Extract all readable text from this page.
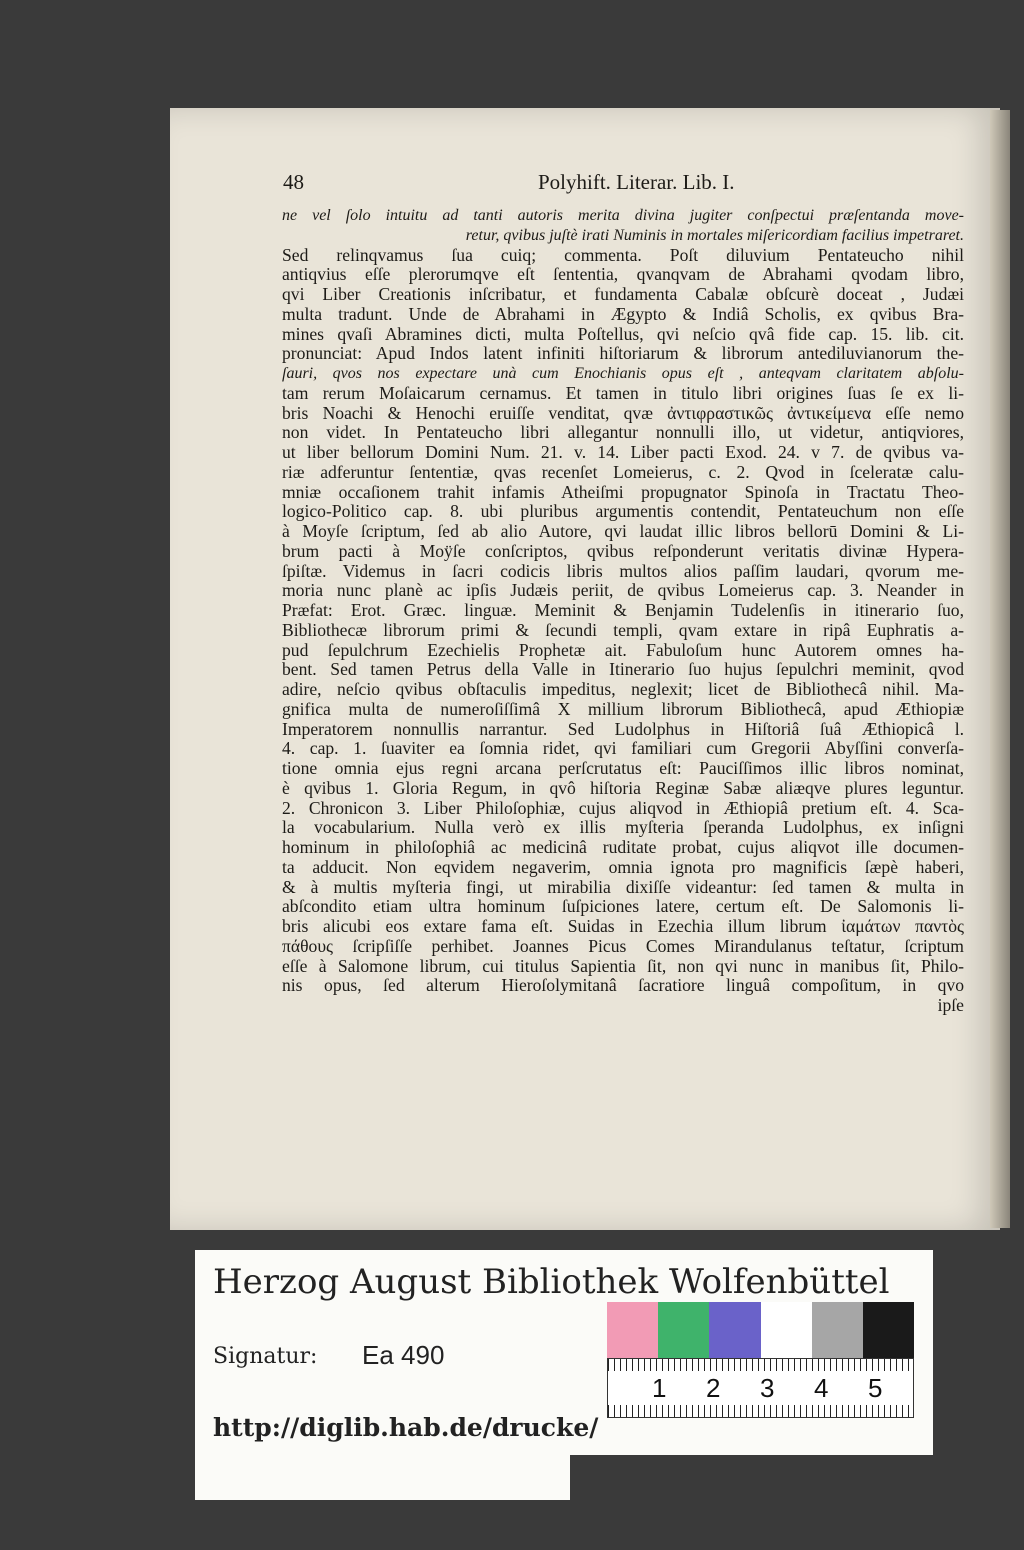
48	Polyhift. Literar. Lib. I.
ne vel ſolo intuitu ad tanti autoris merita divina jugiter conſpectui præſentanda move-
retur, qvibus juſtè irati Numinis in mortales miſericordiam facilius impetraret.
Sed relinqvamus ſua cuiq; commenta. Poſt diluvium Pentateucho nihil
antiqvius eſſe plerorumqve eſt ſententia, qvanqvam de Abrahami qvodam libro,
qvi Liber Creationis inſcribatur, et fundamenta Cabalæ obſcurè doceat , Judæi
multa tradunt. Unde de Abrahami in Ægypto & Indiâ Scholis, ex qvibus Bra-
mines qvaſi Abramines dicti, multa Poſtellus, qvi neſcio qvâ fide cap. 15. lib. cit.
pronunciat: Apud Indos latent infiniti hiſtoriarum & librorum antediluvianorum the-
ſauri, qvos nos expectare unà cum Enochianis opus eſt , anteqvam claritatem abſolu-
tam rerum Moſaicarum cernamus. Et tamen in titulo libri origines ſuas ſe ex li-
bris Noachi & Henochi eruiſſe venditat, qvæ ἀντιφραστικῶς ἀντικείμενα eſſe nemo
non videt. In Pentateucho libri allegantur nonnulli illo, ut videtur, antiqviores,
ut liber bellorum Domini Num. 21. v. 14. Liber pacti Exod. 24. v 7. de qvibus va-
riæ adferuntur ſententiæ, qvas recenſet Lomeierus, c. 2. Qvod in ſceleratæ calu-
mniæ occaſionem trahit infamis Atheiſmi propugnator Spinoſa in Tractatu Theo-
logico-Politico cap. 8. ubi pluribus argumentis contendit, Pentateuchum non eſſe
à Moyſe ſcriptum, ſed ab alio Autore, qvi laudat illic libros bellorū Domini & Li-
brum pacti à Moÿſe conſcriptos, qvibus reſponderunt veritatis divinæ Hypera-
ſpiſtæ. Videmus in ſacri codicis libris multos alios paſſim laudari, qvorum me-
moria nunc planè ac ipſis Judæis periit, de qvibus Lomeierus cap. 3. Neander in
Præfat: Erot. Græc. linguæ. Meminit & Benjamin Tudelenſis in itinerario ſuo,
Bibliothecæ librorum primi & ſecundi templi, qvam extare in ripâ Euphratis a-
pud ſepulchrum Ezechielis Prophetæ ait. Fabuloſum hunc Autorem omnes ha-
bent. Sed tamen Petrus della Valle in Itinerario ſuo hujus ſepulchri meminit, qvod
adire, neſcio qvibus obſtaculis impeditus, neglexit; licet de Bibliothecâ nihil. Ma-
gnifica multa de numeroſiſſimâ X millium librorum Bibliothecâ, apud Æthiopiæ
Imperatorem nonnullis narrantur. Sed Ludolphus in Hiſtoriâ ſuâ Æthiopicâ l.
4. cap. 1. ſuaviter ea ſomnia ridet, qvi familiari cum Gregorii Abyſſini converſa-
tione omnia ejus regni arcana perſcrutatus eſt: Pauciſſimos illic libros nominat,
è qvibus 1. Gloria Regum, in qvô hiſtoria Reginæ Sabæ aliæqve plures leguntur.
2. Chronicon 3. Liber Philoſophiæ, cujus aliqvod in Æthiopiâ pretium eſt. 4. Sca-
la vocabularium. Nulla verò ex illis myſteria ſperanda Ludolphus, ex inſigni
hominum in philoſophiâ ac medicinâ ruditate probat, cujus aliqvot ille documen-
ta adducit. Non eqvidem negaverim, omnia ignota pro magnificis ſæpè haberi,
& à multis myſteria fingi, ut mirabilia dixiſſe videantur: ſed tamen & multa in
abſcondito etiam ultra hominum ſuſpiciones latere, certum eſt. De Salomonis li-
bris alicubi eos extare fama eſt. Suidas in Ezechia illum librum ἰαμάτων παντὸς
πάθους ſcripſiſſe perhibet. Joannes Picus Comes Mirandulanus teſtatur, ſcriptum
eſſe à Salomone librum, cui titulus Sapientia ſit, non qvi nunc in manibus ſit, Philo-
nis opus, ſed alterum Hieroſolymitanâ ſacratiore linguâ compoſitum, in qvo
ipſe
Herzog August Bibliothek Wolfenbüttel
Signatur: Ea 490
http://diglib.hab.de/drucke/
1 2 3 4 5
